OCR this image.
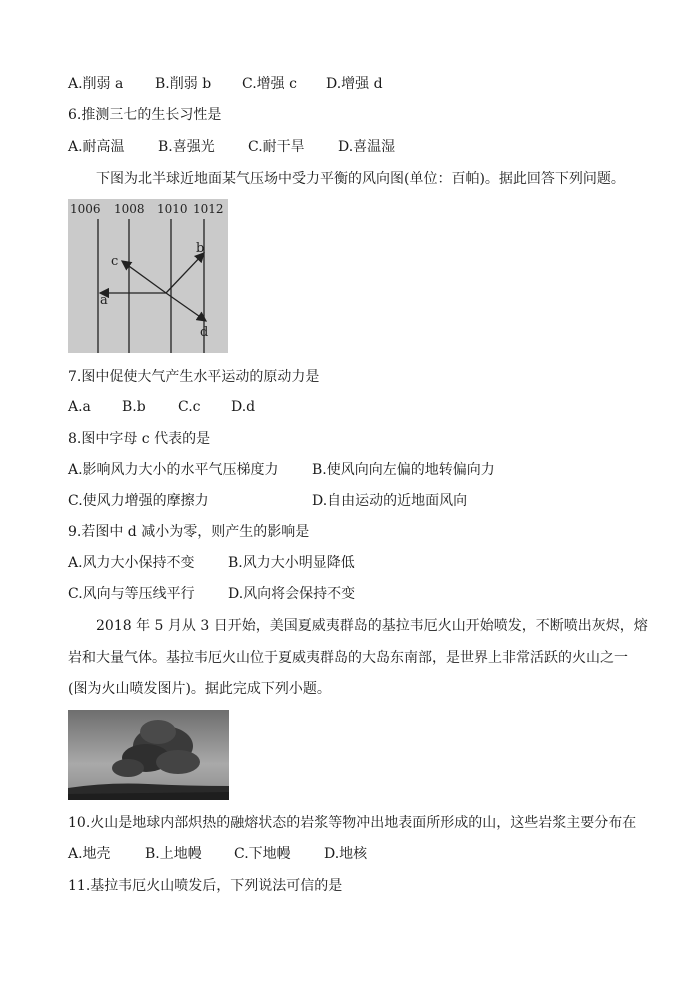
A.削弱 a B.削弱 b C.增强 c D.增强 d
6.推测三七的生长习性是
A.耐高温 B.喜强光 C.耐干旱 D.喜温湿
下图为北半球近地面某气压场中受力平衡的风向图(单位：百帕)。据此回答下列问题。
1006 1008 1010 1012
a
b
c
d
7.图中促使大气产生水平运动的原动力是
A.a B.b C.c D.d
8.图中字母 c 代表的是
A.影响风力大小的水平气压梯度力 B.使风向向左偏的地转偏向力
C.使风力增强的摩擦力	D.自由运动的近地面风向
9.若图中 d 减小为零，则产生的影响是
A.风力大小保持不变 B.风力大小明显降低
C.风向与等压线平行 D.风向将会保持不变
2018 年 5 月从 3 日开始，美国夏威夷群岛的基拉韦厄火山开始喷发，不断喷出灰烬，熔
岩和大量气体。基拉韦厄火山位于夏威夷群岛的大岛东南部，是世界上非常活跃的火山之一
(图为火山喷发图片)。据此完成下列小题。
10.火山是地球内部炽热的融熔状态的岩浆等物冲出地表面所形成的山，这些岩浆主要分布在
A.地壳 B.上地幔 C.下地幔 D.地核
11.基拉韦厄火山喷发后，下列说法可信的是
